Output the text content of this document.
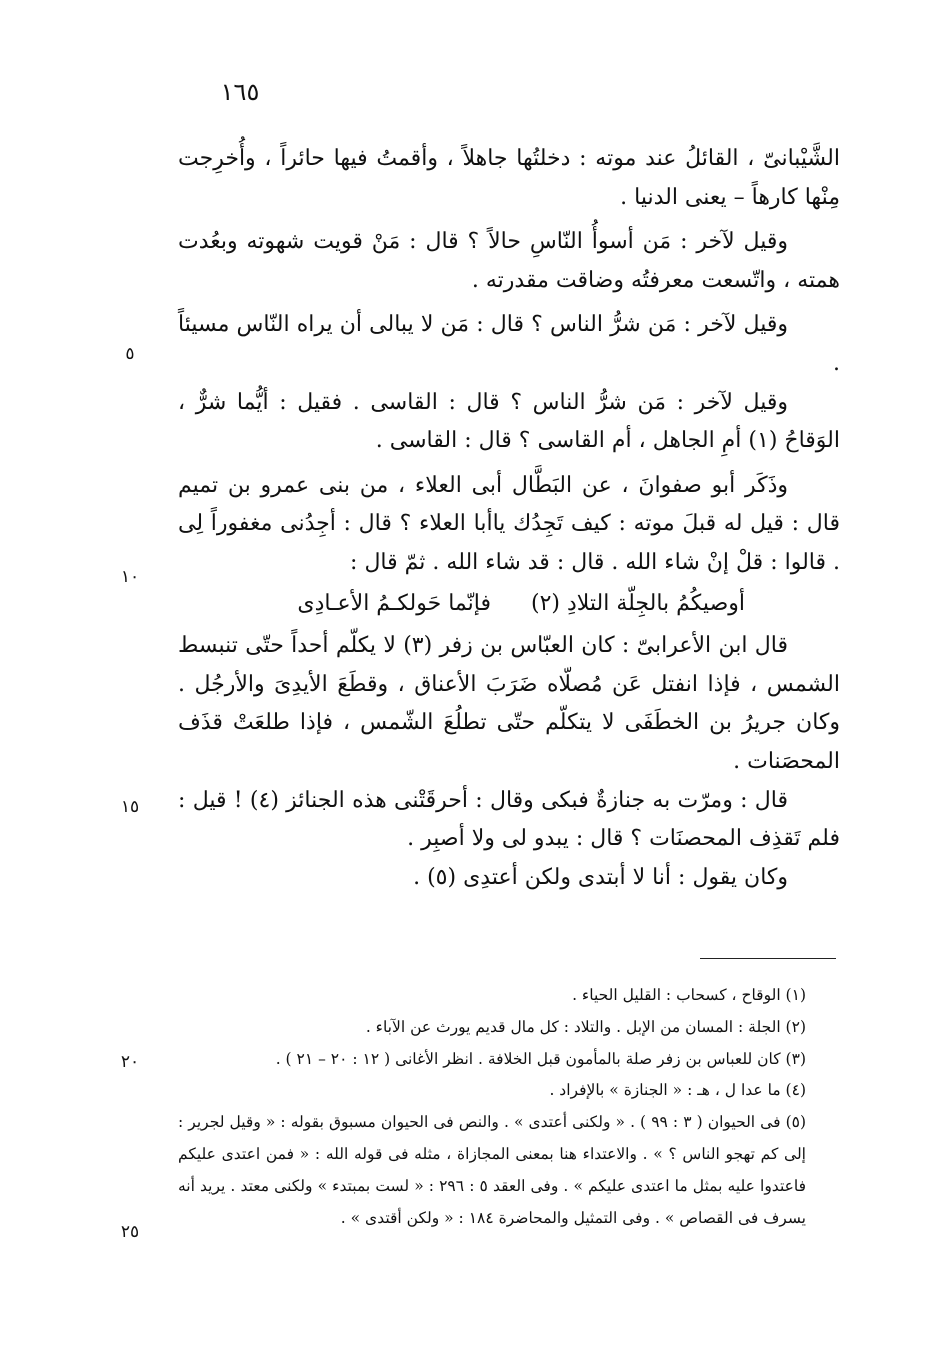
١٦٥

الشَّيْبانىّ ، القائلُ عند موته : دخلتُها جاهلاً ، وأقمتُ فيها حائراً ، وأُخرِجت مِنْها كارهاً – يعنى الدنيا .

وقيل لآخر : مَن أسوأُ النّاسِ حالاً ؟ قال : مَنْ قويت شهوته وبعُدت همته ، واتّسعت معرفتُه وضاقت مقدرته .

وقيل لآخر : مَن شرُّ الناس ؟ قال : مَن لا يبالى أن يراه النّاس مسيئاً .

وقيل لآخر : مَن شرُّ الناس ؟ قال : القاسى . فقيل : أيُّما شرٌّ ، الوَقاحُ (١) أمِ الجاهل ، أم القاسى ؟ قال : القاسى .

وذَكَر أبو صفوانَ ، عن البَطَّال أبى العلاء ، من بنى عمرو بن تميم قال : قيل له قبلَ موته : كيف تَجِدُك ياأبا العلاء ؟ قال : أجِدُنى مغفوراً لِى . قالوا : قلْ إنْ شاء الله . قال : قد شاء الله . ثمّ قال :

أوصيكُمُ بالجِلّة التلادِ (٢)
فإنّما حَولكـمُ الأعـادِى

قال ابن الأعرابىّ : كان العبّاس بن زفر (٣) لا يكلّم أحداً حتّى تنبسط الشمس ، فإذا انفتل عَن مُصلّاه ضَرَبَ الأعناق ، وقطَعَ الأيدِىَ والأرجُل . وكان جريرُ بن الخطَفَى لا يتكلّم حتّى تطلُعَ الشّمس ، فإذا طلعَتْ قذَف المحصَنات .

قال : ومرّت به جنازةٌ فبكى وقال : أحرقَتْنى هذه الجنائز (٤) ! قيل : فلم تَقذِف المحصنَات ؟ قال : يبدو لى ولا أصبِر .

وكان يقول : أنا لا أبتدى ولكن أعتدِى (٥) .

٥
١٠
١٥
٢٠
٢٥

(١) الوقاح ، كسحاب : القليل الحياء .

(٢) الجلة : المسان من الإبل . والتلاد : كل مال قديم يورث عن الآباء .

(٣) كان للعباس بن زفر صلة بالمأمون قبل الخلافة . انظر الأغانى ( ١٢ : ٢٠ – ٢١ ) .

(٤) ما عدا ل ، هـ : « الجنازة » بالإفراد .

(٥) فى الحيوان ( ٣ : ٩٩ ) . « ولكنى أعتدى » . والنص فى الحيوان مسبوق بقوله : « وقيل لجرير : إلى كم تهجو الناس ؟ » . والاعتداء هنا بمعنى المجازاة ، مثله فى قوله الله : « فمن اعتدى عليكم فاعتدوا عليه بمثل ما اعتدى عليكم » . وفى العقد ٥ : ٢٩٦ : « لست بمبتدء » ولكنى معتد . يريد أنه يسرف فى القصاص » . وفى التمثيل والمحاضرة ١٨٤ : « ولكن أقتدى » .
